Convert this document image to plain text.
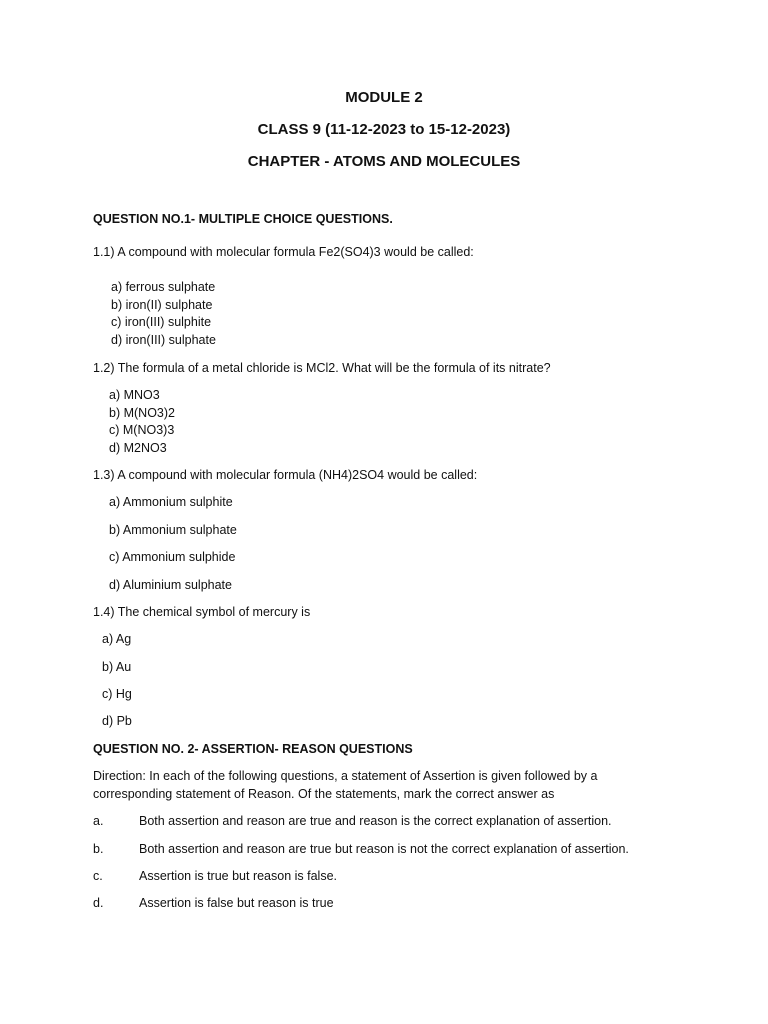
MODULE 2
CLASS 9 (11-12-2023 to 15-12-2023)
CHAPTER - ATOMS AND MOLECULES
QUESTION NO.1- MULTIPLE CHOICE QUESTIONS.
1.1) A compound with molecular formula Fe2(SO4)3 would be called:
a) ferrous sulphate
b) iron(II) sulphate
c) iron(III) sulphite
d) iron(III) sulphate
1.2) The formula of a metal chloride is MCl2. What will be the formula of its nitrate?
a) MNO3
b) M(NO3)2
c) M(NO3)3
d) M2NO3
1.3) A compound with molecular formula (NH4)2SO4 would be called:
a) Ammonium sulphite
b) Ammonium sulphate
c) Ammonium sulphide
d) Aluminium sulphate
1.4) The chemical symbol of mercury is
a) Ag
b) Au
c) Hg
d) Pb
QUESTION NO. 2- ASSERTION- REASON QUESTIONS
Direction: In each of the following questions, a statement of Assertion is given followed by a
corresponding statement of Reason. Of the statements, mark the correct answer as
a.	Both assertion and reason are true and reason is the correct explanation of assertion.
b.	Both assertion and reason are true but reason is not the correct explanation of assertion.
c.	Assertion is true but reason is false.
d.	Assertion is false but reason is true
